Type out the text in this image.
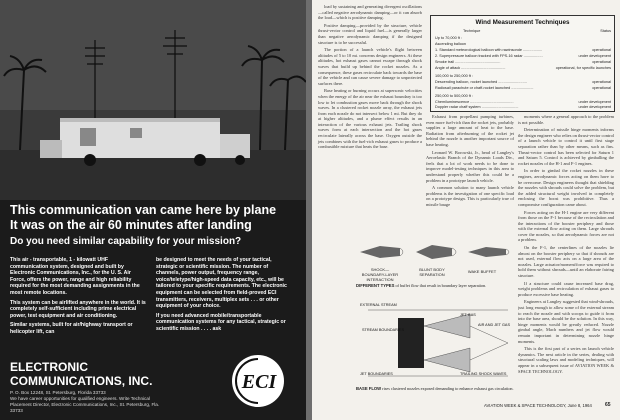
This communication van came here by plane
It was on the air 60 minutes after landing
Do you need similar capability for your mission?

This air - transportable, 1 - kilowatt UHF communication system, designed and built by Electronic Communications, Inc., for the U. S. Air Force, offers the power, range and high reliability required for the most demanding assignments in the most remote locations.

This system can be airlifted anywhere in the world. It is completely self-sufficient including prime electrical power, test equipment and air conditioning.

Similar systems, built for air/highway transport or helicopter lift, can

be designed to meet the needs of your tactical, strategic or scientific mission. The number of channels, power output, frequency range, voice/teletype/high-speed data capacity, etc., will be tailored to your specific requirements. The electronic equipment can be selected from field-proved ECI transmitters, receivers, multiplex sets . . . or other equipment of your choice.

If you need advanced mobile/transportable communication systems for any tactical, strategic or scientific mission . . . . ask

ELECTRONIC
COMMUNICATIONS, INC.
P. O. Box 12248, St. Petersburg, Florida 33733
We have career opportunities for qualified engineers. Write Technical Placement Director, Electronic Communications, Inc., St. Petersburg, Fla. 33733
ECI

load by sustaining and generating divergent oscillations—called negative aerodynamic damping—or it can absorb the load—which is positive damping.

Positive damping—provided by the structure, vehicle thrust-vector control and liquid fuel—is generally larger than negative aerodynamic damping if the designed structure is to be successful.

The portion of a launch vehicle's flight between altitudes of 5 to 10 mi. concerns design engineers. At these altitudes, hot exhaust gases cannot escape through shock waves that build up behind the rocket nozzles. As a consequence, these gases recirculate back towards the base of the vehicle and can cause severe damage to unprotected surfaces there.

Base heating or burning occurs at supersonic velocities when the energy of the air near the exhaust boundary is too low to let combustion gases move back through the shock waves. In a clustered rocket nozzle array, the exhaust jets from each nozzle do not intersect below 1 mi. But they do at higher altitudes, and a plume effect results in an interaction of the various exhaust jets. Trailing shock waves form at each intersection and the hot gases recirculate laterally across the base. Oxygen outside the jets combines with the fuel-rich exhaust gases to produce a combustible mixture that heats the base.

Wind Measurement Techniques
Technique	Status
Up to 70,000 ft :
Ascending balloon
1. Standard meteorological balloon with rawinsonde ..................	operational
2. Superpressure balloon tracked with FPS-16 radar ..................	under development
Smoke trail ...........................................	operational
Angle of attack ..........................................	operational, for specific launches
100,000 to 250,000 ft :
Descending balloon, rocket launched ...........................	operational
Radiosail parachute or chaff-rocket launched .....................	operational
250,000 to 500,000 ft :
Chemiluminescence .........................................	under development
Doppler radar chaff system ...................................	under development

Exhaust from propellant pumping turbines, even more fuel-rich than the rocket jets, probably supplies a large amount of heat to the base. Radiation from afterburning of the rocket jet behind the nozzle is another important source of base heating.

Leonard W. Borowski, Jr., head of Langley's Aeroelastic Branch of the Dynamic Loads Div., feels that a lot of work needs to be done to improve model-testing techniques in this area to understand properly whether this could be a problem in a prototype launch vehicle.

A common solution to many launch vehicle problems is the investigation of one specific load on a prototype design. This is particularly true of missile bauge

moments where a general approach to the problem is not possible.

Determination of missile hinge moments informs the design engineer who relies on thrust-vector control of a launch vehicle to control it until first stage separation rather than by other means, such as fins. Thrust-vector control has been selected for Saturn 1 and Saturn 5. Control is achieved by gimballing the rocket nozzles of the H-1 and F-1 engines.

In order to gimbal the rocket nozzles in these engines, aerodynamic forces acting on them have to be overcome. Design engineers thought that shielding the nozzles with shrouds could solve the problem, but the added structural weight involved in completely enclosing the boost was prohibitive. Thus a compromise configuration came about.

Forces acting on the H-1 engine are very different from those on the F-1 because of the recirculation and the interactions of the booster periphery and those with the external flow acting on them. Large shrouds cover the nozzles, so that aerodynamic forces are not a problem.

On the F-1, the centerlines of the nozzles lie almost on the booster periphery so that if shrouds are not used, external flow acts on a large area of the nozzles. Large actuator/moment/force was required to hold them without shrouds—until an elaborate fairing structure.

If a structure could cause increased base drag, weight problems and recirculation of exhaust gases to produce excessive base heating.

Engineers at Langley suggested that wind-shrouds, just long enough to allow some of the external stream to reach the nozzle and with scoops to guide it from into the base area, should be the solution. In this way, hinge moments would be greatly reduced. Nozzle gimbal angle, Mach numbers and jet flow would remain important in determining nozzle hinge moments.

This is the first part of a series on launch vehicle dynamics. The next article in the series, dealing with structural scaling laws and modeling techniques, will appear in a subsequent issue of AVIATION WEEK & SPACE TECHNOLOGY.

SHOCK—BOUNDARY-LAYER INTERACTION
BLUNT BODY SEPARATION
WAKE BUFFET
DIFFERENT TYPES of buffet flow that result in boundary layer separation.
EXTERNAL STREAM
JET GAS
STREAM BOUNDARIES
AIR AND JET GAS
JET BOUNDARIES	TRAILING SHOCK WAVES
BASE FLOW rises clustered nozzles exposed demanding to enhance exhaust gas circulation.
AVIATION WEEK & SPACE TECHNOLOGY, June 8, 1964	65
